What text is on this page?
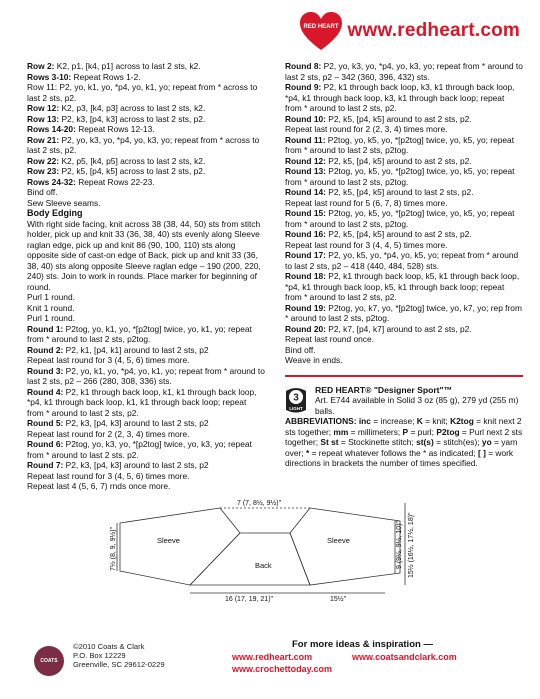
RED HEART www.redheart.com

Row 2: K2, p1, [k4, p1] across to last 2 sts, k2.

Rows 3-10: Repeat Rows 1-2.

Row 11: P2, yo, k1, yo, *p4, yo, k1, yo; repeat from * across to last 2 sts, p2.

Row 12: K2, p3, [k4, p3] across to last 2 sts, k2.

Row 13: P2, k3, [p4, k3] across to last 2 sts, p2.

Rows 14-20: Repeat Rows 12-13.

Row 21: P2, yo, k3, yo, *p4, yo, k3, yo; repeat from * across to last 2 sts, p2.

Row 22: K2, p5, [k4, p5] across to last 2 sts, k2.

Row 23: P2, k5, [p4, k5] across to last 2 sts, p2.

Rows 24-32: Repeat Rows 22-23.

Bind off.

Sew Sleeve seams.

Body Edging

With right side facing, knit across 38 (38, 44, 50) sts from stitch holder, pick up and knit 33 (36, 38, 40) sts evenly along Sleeve raglan edge, pick up and knit 86 (90, 100, 110) sts along opposite side of cast-on edge of Back, pick up and knit 33 (36, 38, 40) sts along opposite Sleeve raglan edge – 190 (200, 220, 240) sts. Join to work in rounds. Place marker for beginning of round.

Purl 1 round.

Knit 1 round.

Purl 1 round.

Round 1: P2tog, yo, k1, yo, *[p2tog] twice, yo, k1, yo; repeat from * around to last 2 sts, p2tog.

Round 2: P2, k1, [p4, k1] around to last 2 sts, p2

Repeat last round for 3 (4, 5, 6) times more.

Round 3: P2, yo, k1, yo, *p4, yo, k1, yo; repeat from * around to last 2 sts, p2 – 266 (280, 308, 336) sts.

Round 4: P2, k1 through back loop, k1, k1 through back loop, *p4, k1 through back loop, k1, k1 through back loop; repeat from * around to last 2 sts, p2.

Round 5: P2, k3, [p4, k3] around to last 2 sts, p2

Repeat last round for 2 (2, 3, 4) times more.

Round 6: P2tog, yo, k3, yo, *[p2tog] twice, yo, k3, yo; repeat from * around to last 2 sts. p2.

Round 7: P2, k3, [p4, k3] around to last 2 sts, p2

Repeat last round for 3 (4, 5, 6) times more.

Repeat last 4 (5, 6, 7) rnds once more.

Round 8: P2, yo, k3, yo, *p4, yo, k3, yo; repeat from * around to last 2 sts, p2 – 342 (360, 396, 432) sts.

Round 9: P2, k1 through back loop, k3, k1 through back loop, *p4, k1 through back loop, k3, k1 through back loop; repeat from * around to last 2 sts, p2.

Round 10: P2, k5, [p4, k5] around to ast 2 sts, p2.

Repeat last round for 2 (2, 3, 4) times more.

Round 11: P2tog, yo, k5, yo, *[p2tog] twice, yo, k5, yo; repeat from * around to last 2 sts, p2tog.

Round 12: P2, k5, [p4, k5] around to ast 2 sts, p2.

Round 13: P2tog, yo, k5, yo, *[p2tog] twice, yo, k5, yo; repeat from * around to last 2 sts, p2tog.

Round 14: P2, k5, [p4, k5] around to last 2 sts, p2.

Repeat last round for 5 (6, 7, 8) times more.

Round 15: P2tog, yo, k5, yo, *[p2tog] twice, yo, k5, yo; repeat from * around to last 2 sts, p2tog.

Round 16: P2, k5, [p4, k5] around to ast 2 sts, p2.

Repeat last round for 3 (4, 4, 5) times more.

Round 17: P2, yo, k5, yo, *p4, yo, k5, yo; repeat from * around to last 2 sts, p2 – 418 (440, 484, 528) sts.

Round 18: P2, k1 through back loop, k5, k1 through back loop, *p4, k1 through back loop, k5, k1 through back loop; repeat from * around to last 2 sts, p2.

Round 19: P2tog, yo, k7, yo, *[p2tog] twice, yo, k7, yo; rep from * around to last 2 sts, p2tog.

Round 20: P2, k7, [p4, k7] around to ast 2 sts, p2.

Repeat last round once.

Bind off.

Weave in ends.

3
LIGHT

RED HEART® "Designer Sport"™

Art. E744 available in Solid 3 oz (85 g), 279 yd (255 m) balls.

ABBREVIATIONS: inc = increase; K = knit; K2tog = knit next 2 sts together; mm = millimeters; P = purl; P2tog = Purl next 2 sts together; St st = Stockinette stitch; st(s) = stitch(es); yo = yarn over; * = repeat whatever follows the * as indicated; [ ] = work directions in brackets the number of times specified.

Sleeve	Sleeve
Back
7 (7, 8½, 9½)"
7½ (8, 9, 9½)"
16 (17, 19, 21)"	15½"
15½ (16½, 17½, 18)"
9 (9½, 9½, 10)"
COATS
©2010 Coats & Clark
P.O. Box 12229
Greenville, SC 29612-0229
For more ideas & inspiration —
www.redheart.com	www.coatsandclark.com
www.crochettoday.com
